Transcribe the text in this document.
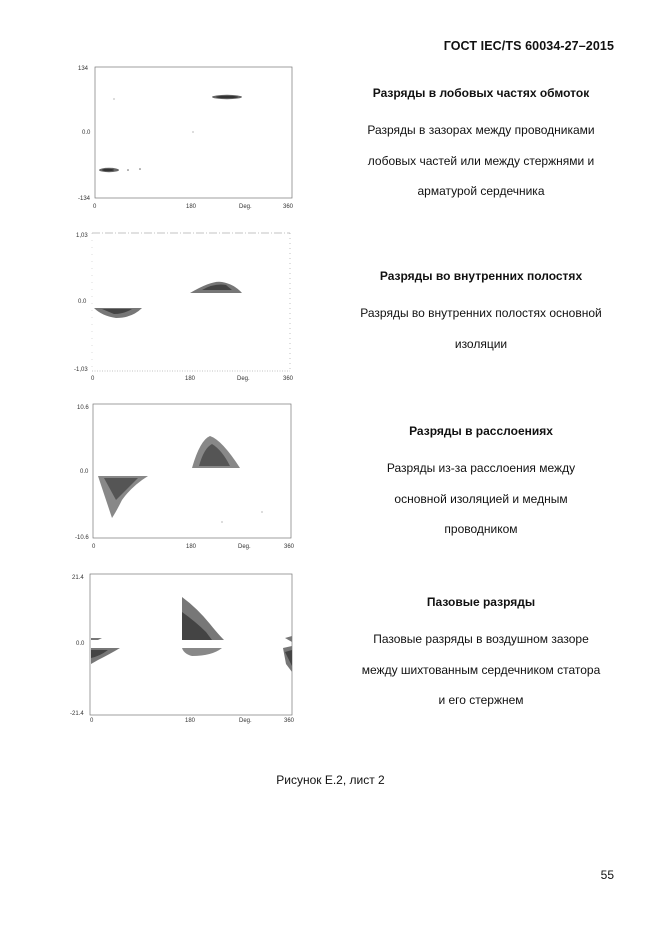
ГОСТ IEC/TS 60034-27–2015
134
0.0
-134
0	180	Deg.	360
Разряды в лобовых частях обмоток
Разряды в зазорах между проводниками
лобовых частей или между стержнями и
арматурой сердечника
1,03
0.0
-1,03
0	180	Deg.	360
Разряды во внутренних полостях
Разряды во внутренних полостях основной
изоляции
10.6
0.0
-10.6
0	180	Deg.	360
Разряды в расслоениях
Разряды из-за расслоения между
основной изоляцией и медным
проводником
21.4
0.0
-21.4
0	180	Deg.	360
Пазовые разряды
Пазовые разряды в воздушном зазоре
между шихтованным сердечником статора
и его стержнем
Рисунок Е.2, лист 2
55
